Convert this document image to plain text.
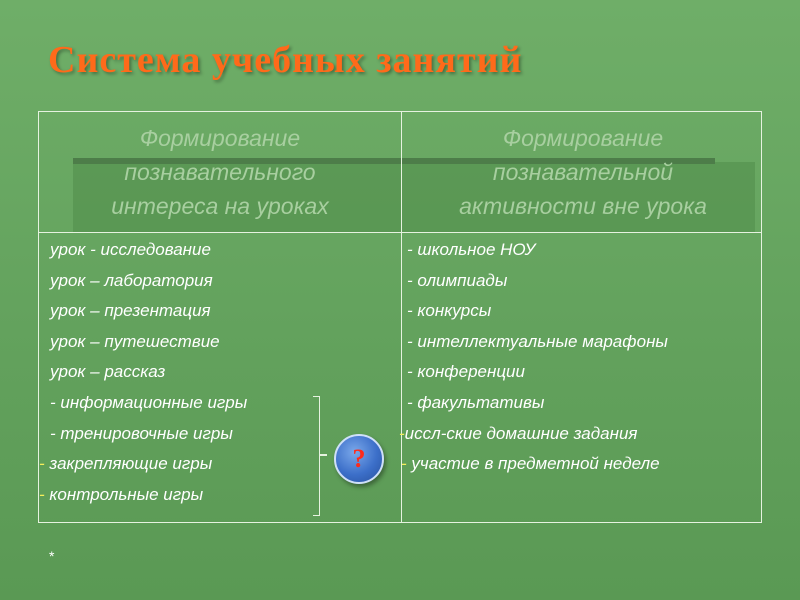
Система учебных занятий
Формирование
познавательного
интереса на уроках
Формирование
познавательной
активности вне урока
урок - исследование
урок – лаборатория
урок – презентация
урок – путешествие
урок – рассказ
- информационные игры
- тренировочные игры
- закрепляющие игры
- контрольные игры
- школьное НОУ
- олимпиады
- конкурсы
- интеллектуальные марафоны
- конференции
- факультативы
-иссл-ские домашние задания
- участие в предметной неделе
?
*
